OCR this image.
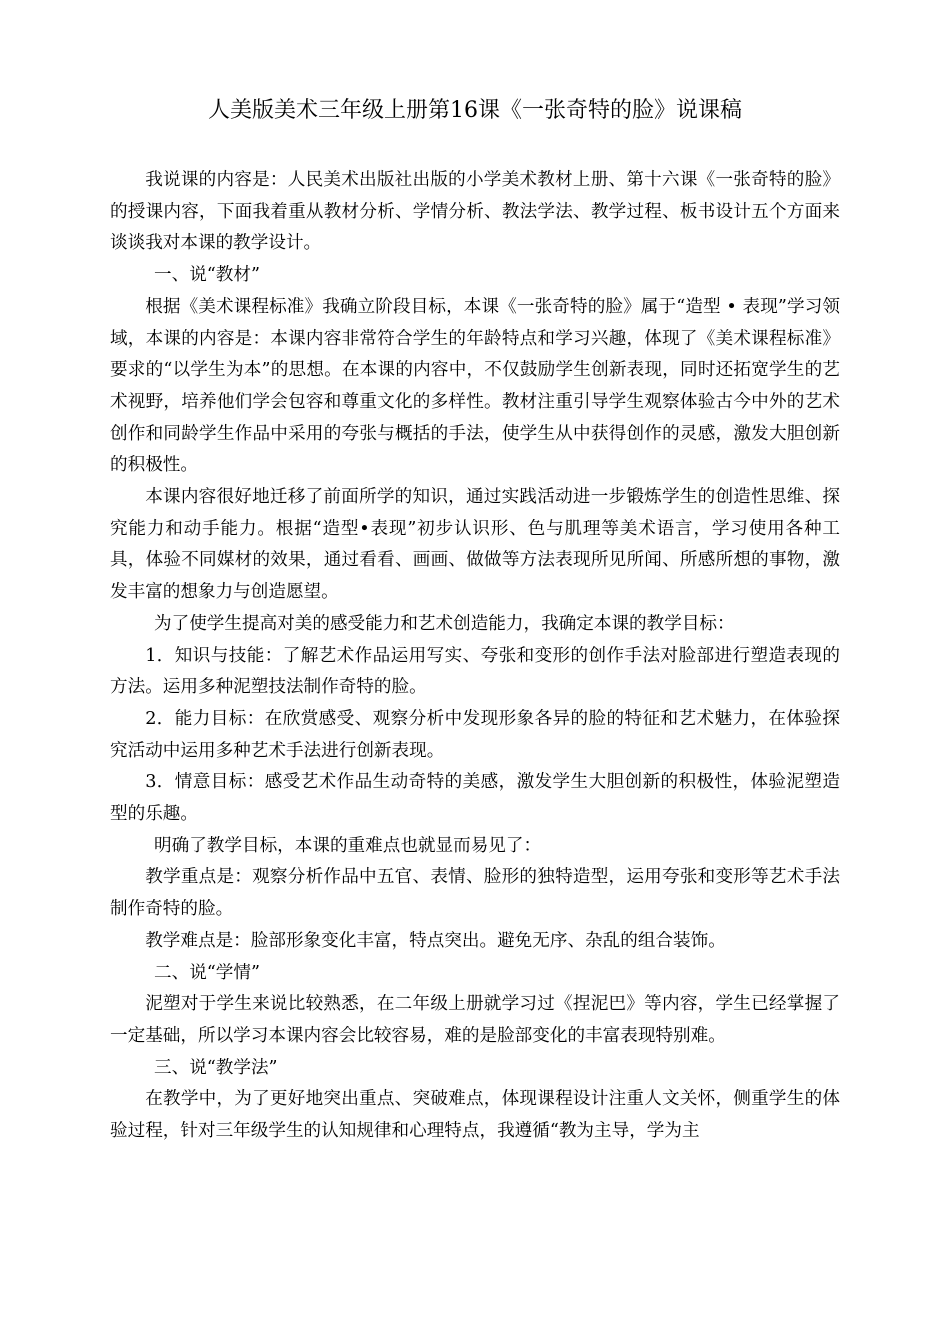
人美版美术三年级上册第16课《一张奇特的脸》说课稿

我说课的内容是：人民美术出版社出版的小学美术教材上册、第十六课《一张奇特的脸》的授课内容，下面我着重从教材分析、学情分析、教法学法、教学过程、板书设计五个方面来谈谈我对本课的教学设计。

一、说“教材”

根据《美术课程标准》我确立阶段目标，本课《一张奇特的脸》属于“造型 • 表现”学习领域，本课的内容是：本课内容非常符合学生的年龄特点和学习兴趣，体现了《美术课程标准》要求的“以学生为本”的思想。在本课的内容中，不仅鼓励学生创新表现，同时还拓宽学生的艺术视野，培养他们学会包容和尊重文化的多样性。教材注重引导学生观察体验古今中外的艺术创作和同龄学生作品中采用的夸张与概括的手法，使学生从中获得创作的灵感，激发大胆创新的积极性。

本课内容很好地迁移了前面所学的知识，通过实践活动进一步锻炼学生的创造性思维、探究能力和动手能力。根据“造型•表现”初步认识形、色与肌理等美术语言，学习使用各种工具，体验不同媒材的效果，通过看看、画画、做做等方法表现所见所闻、所感所想的事物，激发丰富的想象力与创造愿望。

为了使学生提高对美的感受能力和艺术创造能力，我确定本课的教学目标：

1．知识与技能：了解艺术作品运用写实、夸张和变形的创作手法对脸部进行塑造表现的方法。运用多种泥塑技法制作奇特的脸。

2．能力目标：在欣赏感受、观察分析中发现形象各异的脸的特征和艺术魅力，在体验探究活动中运用多种艺术手法进行创新表现。

3．情意目标：感受艺术作品生动奇特的美感，激发学生大胆创新的积极性，体验泥塑造型的乐趣。

明确了教学目标，本课的重难点也就显而易见了：

教学重点是：观察分析作品中五官、表情、脸形的独特造型，运用夸张和变形等艺术手法制作奇特的脸。

教学难点是：脸部形象变化丰富，特点突出。避免无序、杂乱的组合装饰。

二、说“学情”

泥塑对于学生来说比较熟悉，在二年级上册就学习过《捏泥巴》等内容，学生已经掌握了一定基础，所以学习本课内容会比较容易，难的是脸部变化的丰富表现特别难。

三、说“教学法”

在教学中，为了更好地突出重点、突破难点，体现课程设计注重人文关怀，侧重学生的体验过程，针对三年级学生的认知规律和心理特点，我遵循“教为主导，学为主
